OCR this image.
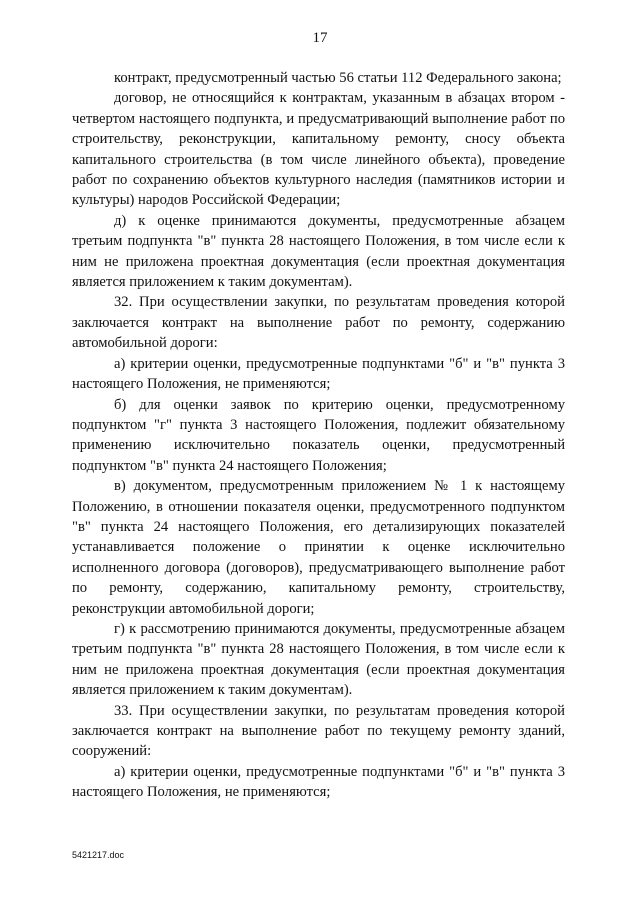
17

контракт, предусмотренный частью 56 статьи 112 Федерального закона;

договор, не относящийся к контрактам, указанным в абзацах втором - четвертом настоящего подпункта, и предусматривающий выполнение работ по строительству, реконструкции, капитальному ремонту, сносу объекта капитального строительства (в том числе линейного объекта), проведение работ по сохранению объектов культурного наследия (памятников истории и культуры) народов Российской Федерации;

д) к оценке принимаются документы, предусмотренные абзацем третьим подпункта "в" пункта 28 настоящего Положения, в том числе если к ним не приложена проектная документация (если проектная документация является приложением к таким документам).

32. При осуществлении закупки, по результатам проведения которой заключается контракт на выполнение работ по ремонту, содержанию автомобильной дороги:

а) критерии оценки, предусмотренные подпунктами "б" и "в" пункта 3 настоящего Положения, не применяются;

б) для оценки заявок по критерию оценки, предусмотренному подпунктом "г" пункта 3 настоящего Положения, подлежит обязательному применению исключительно показатель оценки, предусмотренный подпунктом "в" пункта 24 настоящего Положения;

в) документом, предусмотренным приложением № 1 к настоящему Положению, в отношении показателя оценки, предусмотренного подпунктом "в" пункта 24 настоящего Положения, его детализирующих показателей устанавливается положение о принятии к оценке исключительно исполненного договора (договоров), предусматривающего выполнение работ по ремонту, содержанию, капитальному ремонту, строительству, реконструкции автомобильной дороги;

г) к рассмотрению принимаются документы, предусмотренные абзацем третьим подпункта "в" пункта 28 настоящего Положения, в том числе если к ним не приложена проектная документация (если проектная документация является приложением к таким документам).

33. При осуществлении закупки, по результатам проведения которой заключается контракт на выполнение работ по текущему ремонту зданий, сооружений:

а) критерии оценки, предусмотренные подпунктами "б" и "в" пункта 3 настоящего Положения, не применяются;

5421217.doc
